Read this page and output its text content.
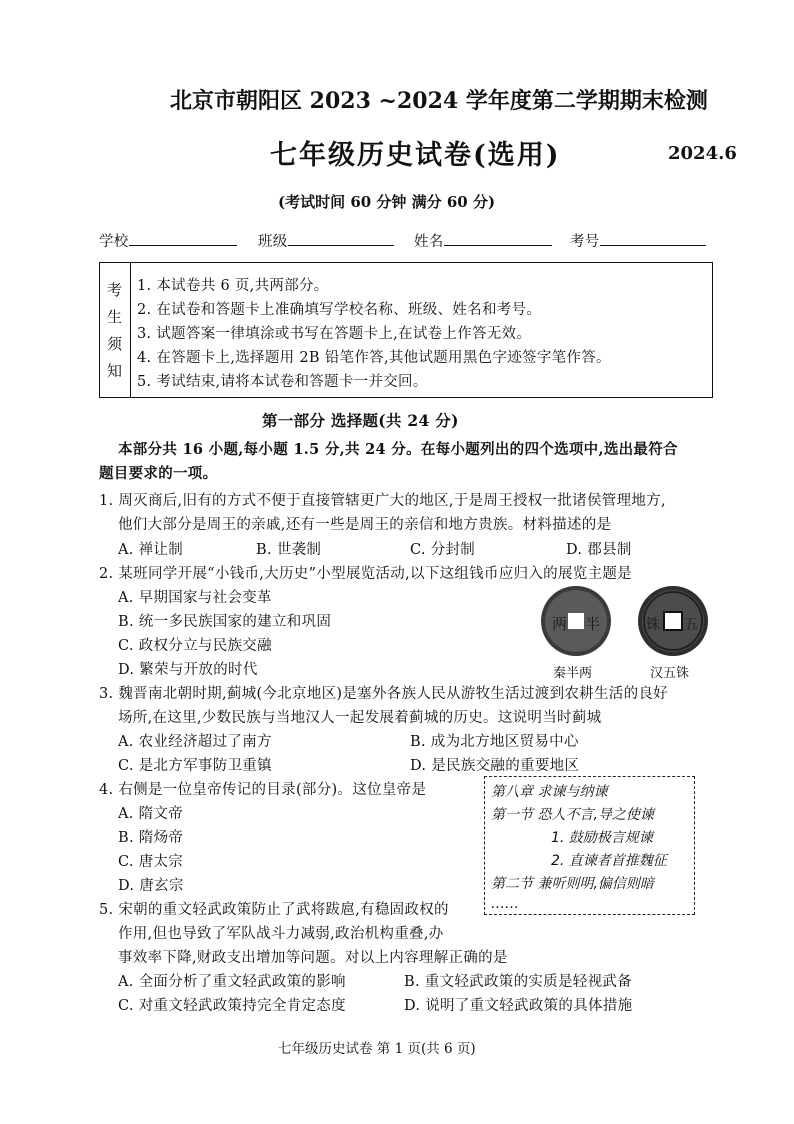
北京市朝阳区 2023 ~2024 学年度第二学期期末检测
七年级历史试卷(选用)	2024.6
(考试时间 60 分钟 满分 60 分)
学校	班级	姓名	考号
考
生
须
知
1. 本试卷共 6 页,共两部分。
2. 在试卷和答题卡上准确填写学校名称、班级、姓名和考号。
3. 试题答案一律填涂或书写在答题卡上,在试卷上作答无效。
4. 在答题卡上,选择题用 2B 铅笔作答,其他试题用黑色字迹签字笔作答。
5. 考试结束,请将本试卷和答题卡一并交回。
第一部分 选择题(共 24 分)
本部分共 16 小题,每小题 1.5 分,共 24 分。在每小题列出的四个选项中,选出最符合
题目要求的一项。
1. 周灭商后,旧有的方式不便于直接管辖更广大的地区,于是周王授权一批诸侯管理地方,
他们大部分是周王的亲戚,还有一些是周王的亲信和地方贵族。材料描述的是
A. 禅让制	B. 世袭制	C. 分封制	D. 郡县制
2. 某班同学开展“小钱币,大历史”小型展览活动,以下这组钱币应归入的展览主题是
A. 早期国家与社会变革
B. 统一多民族国家的建立和巩固
C. 政权分立与民族交融
D. 繁荣与开放的时代
两 半	铢 五
秦半两	汉五铢
3. 魏晋南北朝时期,蓟城(今北京地区)是塞外各族人民从游牧生活过渡到农耕生活的良好
场所,在这里,少数民族与当地汉人一起发展着蓟城的历史。这说明当时蓟城
A. 农业经济超过了南方	B. 成为北方地区贸易中心
C. 是北方军事防卫重镇	D. 是民族交融的重要地区
4. 右侧是一位皇帝传记的目录(部分)。这位皇帝是
A. 隋文帝
B. 隋炀帝
C. 唐太宗
D. 唐玄宗
第八章 求谏与纳谏
第一节 恐人不言,导之使谏
1. 鼓励极言规谏
2. 直谏者首推魏征
第二节 兼听则明,偏信则暗
……
5. 宋朝的重文轻武政策防止了武将跋扈,有稳固政权的
作用,但也导致了军队战斗力减弱,政治机构重叠,办
事效率下降,财政支出增加等问题。对以上内容理解正确的是
A. 全面分析了重文轻武政策的影响	B. 重文轻武政策的实质是轻视武备
C. 对重文轻武政策持完全肯定态度	D. 说明了重文轻武政策的具体措施
七年级历史试卷 第 1 页(共 6 页)
